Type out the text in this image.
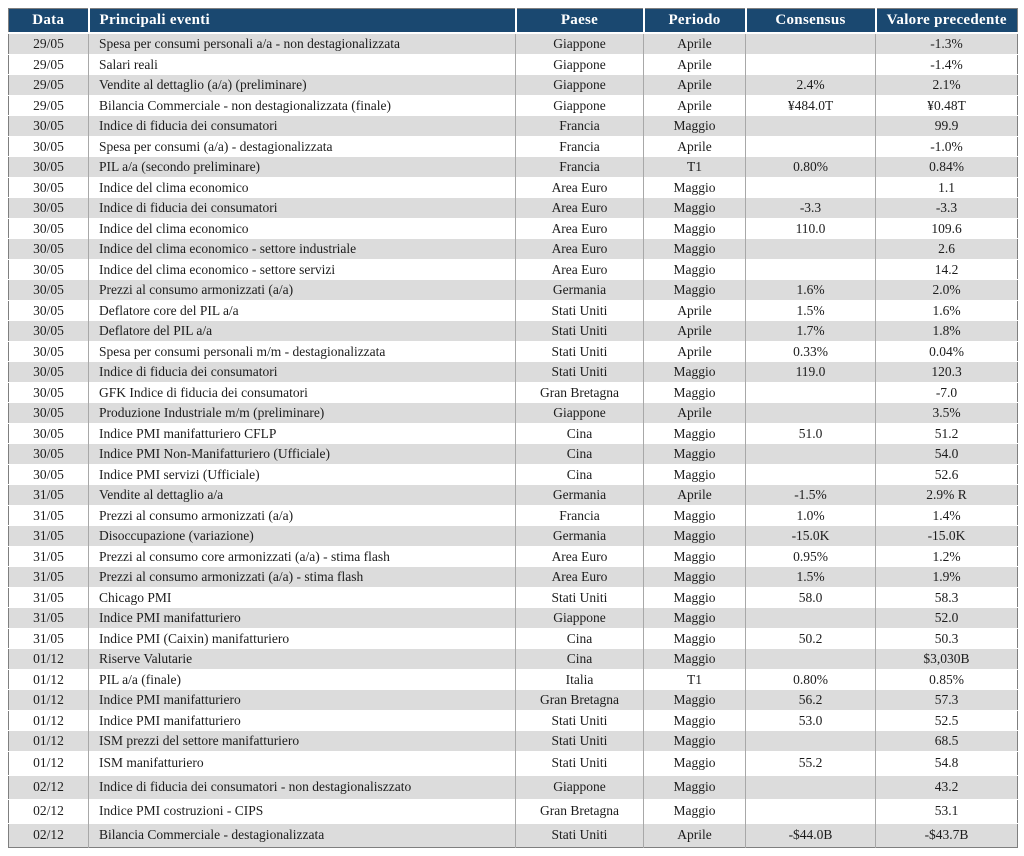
Data	Principali eventi	Paese	Periodo	Consensus	Valore precedente
29/05	Spesa per consumi personali a/a - non destagionalizzata	Giappone	Aprile		-1.3%
29/05	Salari reali	Giappone	Aprile		-1.4%
29/05	Vendite al dettaglio (a/a) (preliminare)	Giappone	Aprile	2.4%	2.1%
29/05	Bilancia Commerciale - non destagionalizzata (finale)	Giappone	Aprile	¥484.0T	¥0.48T
30/05	Indice di fiducia dei consumatori	Francia	Maggio		99.9
30/05	Spesa per consumi (a/a) - destagionalizzata	Francia	Aprile		-1.0%
30/05	PIL a/a (secondo preliminare)	Francia	T1	0.80%	0.84%
30/05	Indice del clima economico	Area Euro	Maggio		1.1
30/05	Indice di fiducia dei consumatori	Area Euro	Maggio	-3.3	-3.3
30/05	Indice del clima economico	Area Euro	Maggio	110.0	109.6
30/05	Indice del clima economico - settore industriale	Area Euro	Maggio		2.6
30/05	Indice del clima economico - settore servizi	Area Euro	Maggio		14.2
30/05	Prezzi al consumo armonizzati (a/a)	Germania	Maggio	1.6%	2.0%
30/05	Deflatore core del PIL a/a	Stati Uniti	Aprile	1.5%	1.6%
30/05	Deflatore del PIL a/a	Stati Uniti	Aprile	1.7%	1.8%
30/05	Spesa per consumi personali m/m - destagionalizzata	Stati Uniti	Aprile	0.33%	0.04%
30/05	Indice di fiducia dei consumatori	Stati Uniti	Maggio	119.0	120.3
30/05	GFK Indice di fiducia dei consumatori	Gran Bretagna	Maggio		-7.0
30/05	Produzione Industriale m/m (preliminare)	Giappone	Aprile		3.5%
30/05	Indice PMI manifatturiero CFLP	Cina	Maggio	51.0	51.2
30/05	Indice PMI Non-Manifatturiero (Ufficiale)	Cina	Maggio		54.0
30/05	Indice PMI servizi (Ufficiale)	Cina	Maggio		52.6
31/05	Vendite al dettaglio a/a	Germania	Aprile	-1.5%	2.9% R
31/05	Prezzi al consumo armonizzati (a/a)	Francia	Maggio	1.0%	1.4%
31/05	Disoccupazione (variazione)	Germania	Maggio	-15.0K	-15.0K
31/05	Prezzi al consumo core armonizzati (a/a) - stima flash	Area Euro	Maggio	0.95%	1.2%
31/05	Prezzi al consumo armonizzati (a/a) - stima flash	Area Euro	Maggio	1.5%	1.9%
31/05	Chicago PMI	Stati Uniti	Maggio	58.0	58.3
31/05	Indice PMI manifatturiero	Giappone	Maggio		52.0
31/05	Indice PMI (Caixin) manifatturiero	Cina	Maggio	50.2	50.3
01/12	Riserve Valutarie	Cina	Maggio		$3,030B
01/12	PIL a/a (finale)	Italia	T1	0.80%	0.85%
01/12	Indice PMI manifatturiero	Gran Bretagna	Maggio	56.2	57.3
01/12	Indice PMI manifatturiero	Stati Uniti	Maggio	53.0	52.5
01/12	ISM prezzi del settore manifatturiero	Stati Uniti	Maggio		68.5
01/12	ISM manifatturiero	Stati Uniti	Maggio	55.2	54.8
02/12	Indice di fiducia dei consumatori - non destagionaliszzato	Giappone	Maggio		43.2
02/12	Indice PMI costruzioni - CIPS	Gran Bretagna	Maggio		53.1
02/12	Bilancia Commerciale - destagionalizzata	Stati Uniti	Aprile	-$44.0B	-$43.7B
